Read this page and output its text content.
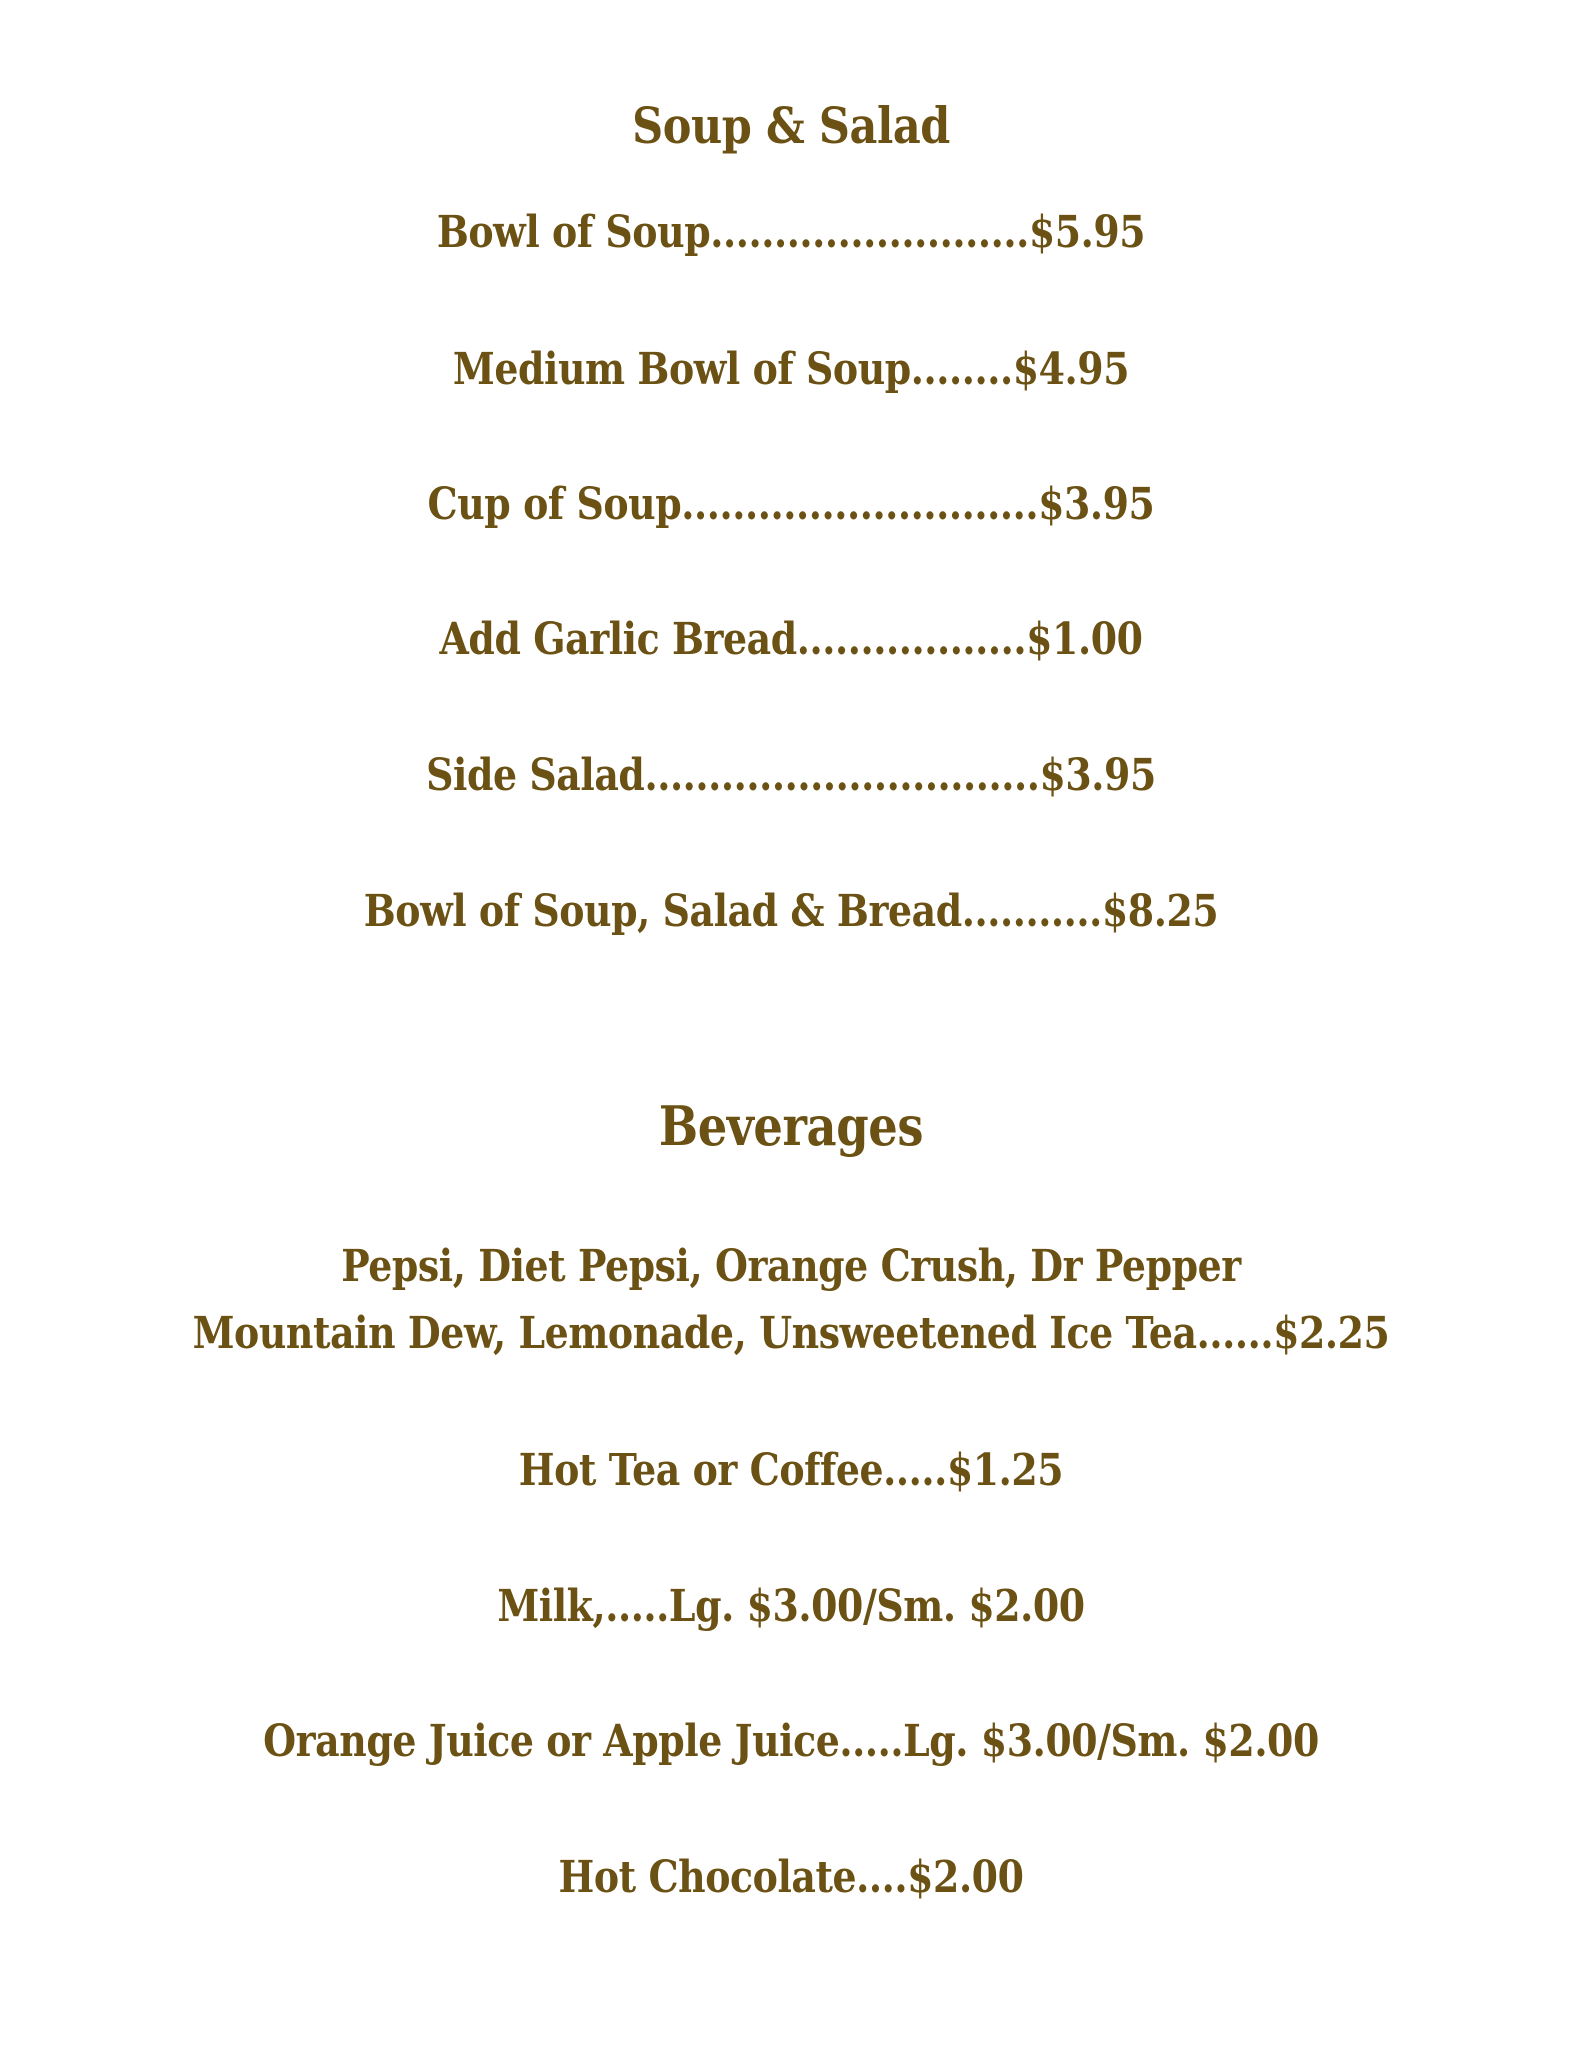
Soup & Salad
Bowl of Soup.........................$5.95
Medium Bowl of Soup........$4.95
Cup of Soup............................$3.95
Add Garlic Bread..................$1.00
Side Salad...............................$3.95
Bowl of Soup, Salad & Bread...........$8.25
Beverages
Pepsi, Diet Pepsi, Orange Crush, Dr Pepper
Mountain Dew, Lemonade, Unsweetened Ice Tea......$2.25
Hot Tea or Coffee.....$1.25
Milk,.....Lg. $3.00/Sm. $2.00
Orange Juice or Apple Juice.....Lg. $3.00/Sm. $2.00
Hot Chocolate....$2.00
